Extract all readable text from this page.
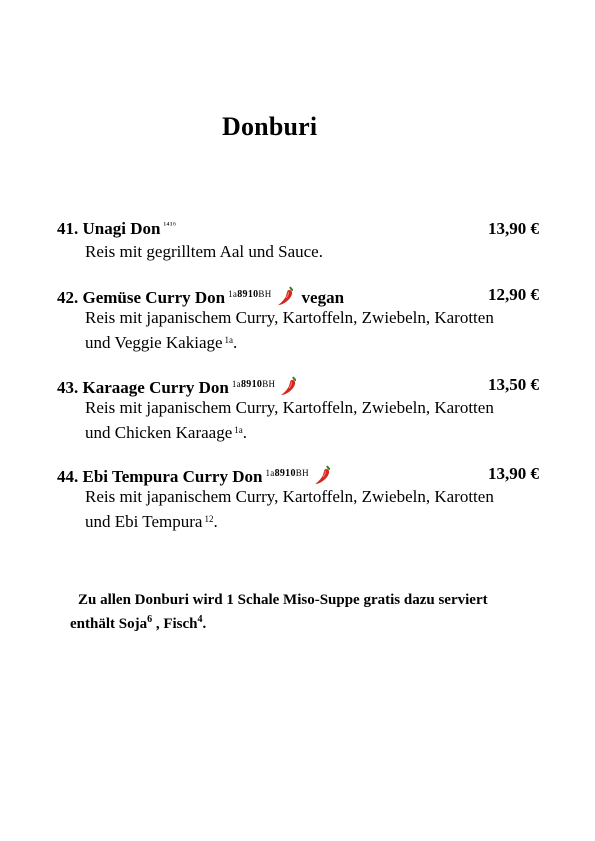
Donburi
41. Unagi Don $^{^{1416}}$	13,90 €
Reis mit gegrilltem Aal und Sauce.
42. Gemüse Curry Don $^{1a8910BH}$ vegan	12,90 €
Reis mit japanischem Curry, Kartoffeln, Zwiebeln, Karotten
und Veggie Kakiage $^{1a}$.
43. Karaage Curry Don $^{1a8910BH}$	13,50 €
Reis mit japanischem Curry, Kartoffeln, Zwiebeln, Karotten
und Chicken Karaage $^{1a}$.
44. Ebi Tempura Curry Don $^{1a8910BH}$	13,90 €
Reis mit japanischem Curry, Kartoffeln, Zwiebeln, Karotten
und Ebi Tempura $^{12}$.
Zu allen Donburi wird 1 Schale Miso-Suppe gratis dazu serviert
enthält Soja$^6$ , Fisch$^4$.
